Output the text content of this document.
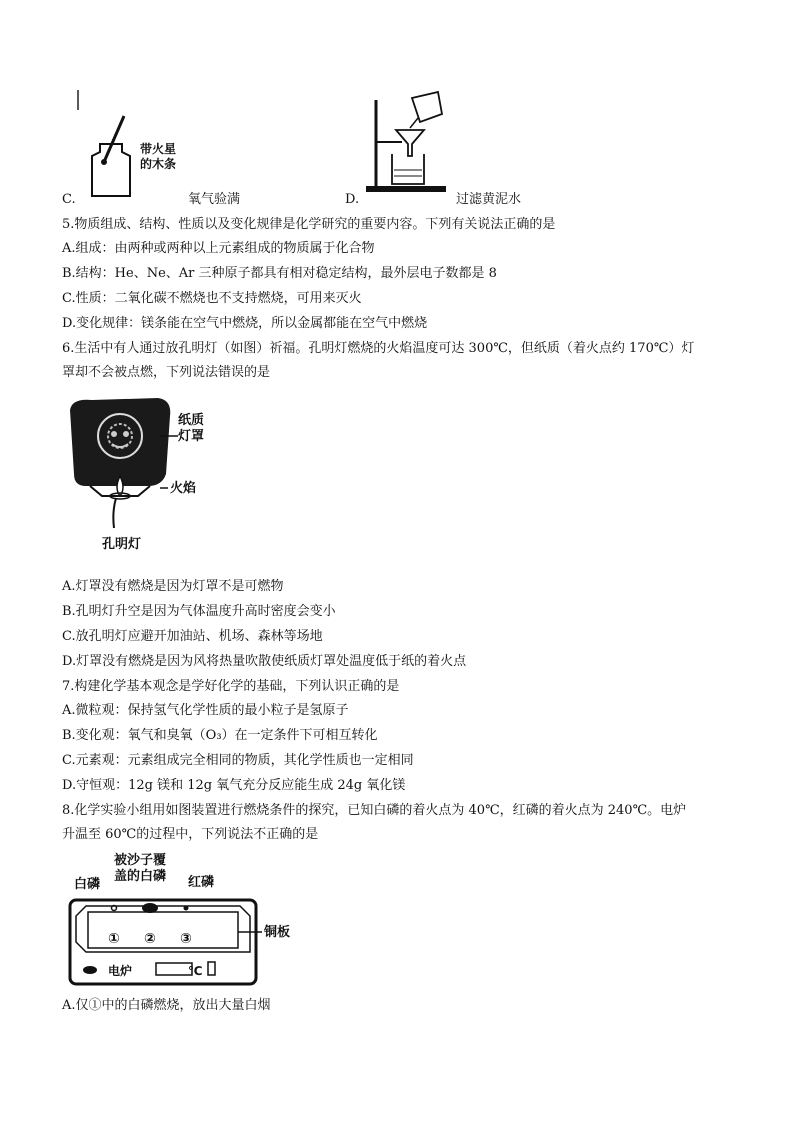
带火星
的木条
C.	氧气验满	D.	过滤黄泥水
5.物质组成、结构、性质以及变化规律是化学研究的重要内容。下列有关说法正确的是
A.组成：由两种或两种以上元素组成的物质属于化合物
B.结构：He、Ne、Ar 三种原子都具有相对稳定结构，最外层电子数都是 8
C.性质：二氧化碳不燃烧也不支持燃烧，可用来灭火
D.变化规律：镁条能在空气中燃烧，所以金属都能在空气中燃烧
6.生活中有人通过放孔明灯（如图）祈福。孔明灯燃烧的火焰温度可达 300℃，但纸质（着火点约 170℃）灯
罩却不会被点燃，下列说法错误的是
纸质
灯罩
火焰
孔明灯
A.灯罩没有燃烧是因为灯罩不是可燃物
B.孔明灯升空是因为气体温度升高时密度会变小
C.放孔明灯应避开加油站、机场、森林等场地
D.灯罩没有燃烧是因为风将热量吹散使纸质灯罩处温度低于纸的着火点
7.构建化学基本观念是学好化学的基础，下列认识正确的是
A.微粒观：保持氢气化学性质的最小粒子是氢原子
B.变化观：氧气和臭氧（O₃）在一定条件下可相互转化
C.元素观：元素组成完全相同的物质，其化学性质也一定相同
D.守恒观：12g 镁和 12g 氧气充分反应能生成 24g 氧化镁
8.化学实验小组用如图装置进行燃烧条件的探究，已知白磷的着火点为 40℃，红磷的着火点为 240℃。电炉
升温至 60℃的过程中，下列说法不正确的是
① ② ③
被沙子覆
盖的白磷
白磷	红磷
铜板
电炉	℃
A.仅①中的白磷燃烧，放出大量白烟
